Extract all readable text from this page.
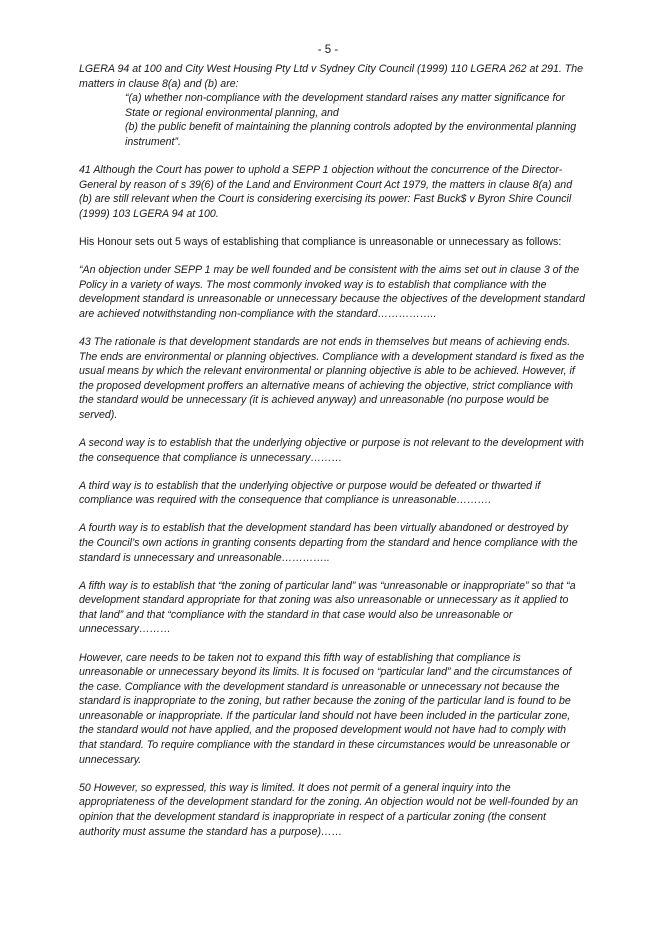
- 5 -

LGERA 94 at 100 and City West Housing Pty Ltd v Sydney City Council (1999) 110 LGERA 262 at 291. The matters in clause 8(a) and (b) are:

“(a) whether non-compliance with the development standard raises any matter significance for State or regional environmental planning, and
(b) the public benefit of maintaining the planning controls adopted by the environmental planning instrument”.

41 Although the Court has power to uphold a SEPP 1 objection without the concurrence of the Director-General by reason of s 39(6) of the Land and Environment Court Act 1979, the matters in clause 8(a) and (b) are still relevant when the Court is considering exercising its power: Fast Buck$ v Byron Shire Council (1999) 103 LGERA 94 at 100.

His Honour sets out 5 ways of establishing that compliance is unreasonable or unnecessary as follows:

“An objection under SEPP 1 may be well founded and be consistent with the aims set out in clause 3 of the Policy in a variety of ways. The most commonly invoked way is to establish that compliance with the development standard is unreasonable or unnecessary because the objectives of the development standard are achieved notwithstanding non-compliance with the standard……………..

43 The rationale is that development standards are not ends in themselves but means of achieving ends. The ends are environmental or planning objectives. Compliance with a development standard is fixed as the usual means by which the relevant environmental or planning objective is able to be achieved. However, if the proposed development proffers an alternative means of achieving the objective, strict compliance with the standard would be unnecessary (it is achieved anyway) and unreasonable (no purpose would be served).

A second way is to establish that the underlying objective or purpose is not relevant to the development with the consequence that compliance is unnecessary………

A third way is to establish that the underlying objective or purpose would be defeated or thwarted if compliance was required with the consequence that compliance is unreasonable……….

A fourth way is to establish that the development standard has been virtually abandoned or destroyed by the Council’s own actions in granting consents departing from the standard and hence compliance with the standard is unnecessary and unreasonable…………..

A fifth way is to establish that “the zoning of particular land” was “unreasonable or inappropriate” so that “a development standard appropriate for that zoning was also unreasonable or unnecessary as it applied to that land” and that “compliance with the standard in that case would also be unreasonable or unnecessary………

However, care needs to be taken not to expand this fifth way of establishing that compliance is unreasonable or unnecessary beyond its limits. It is focused on “particular land” and the circumstances of the case. Compliance with the development standard is unreasonable or unnecessary not because the standard is inappropriate to the zoning, but rather because the zoning of the particular land is found to be unreasonable or inappropriate. If the particular land should not have been included in the particular zone, the standard would not have applied, and the proposed development would not have had to comply with that standard. To require compliance with the standard in these circumstances would be unreasonable or unnecessary.

50 However, so expressed, this way is limited. It does not permit of a general inquiry into the appropriateness of the development standard for the zoning. An objection would not be well-founded by an opinion that the development standard is inappropriate in respect of a particular zoning (the consent authority must assume the standard has a purpose)……
